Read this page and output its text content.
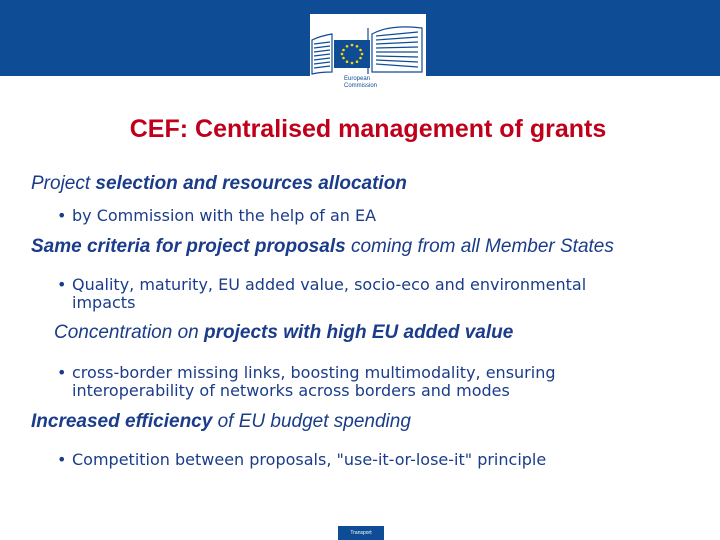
European
Commission
CEF: Centralised management of grants
Project selection and resources allocation
• by Commission with the help of an EA
Same criteria for project proposals coming from all Member States
• Quality, maturity, EU added value, socio-eco and environmental
impacts
Concentration on projects with high EU added value
• cross-border missing links, boosting multimodality, ensuring
interoperability of networks across borders and modes
Increased efficiency of EU budget spending
• Competition between proposals, "use-it-or-lose-it" principle
Transport
